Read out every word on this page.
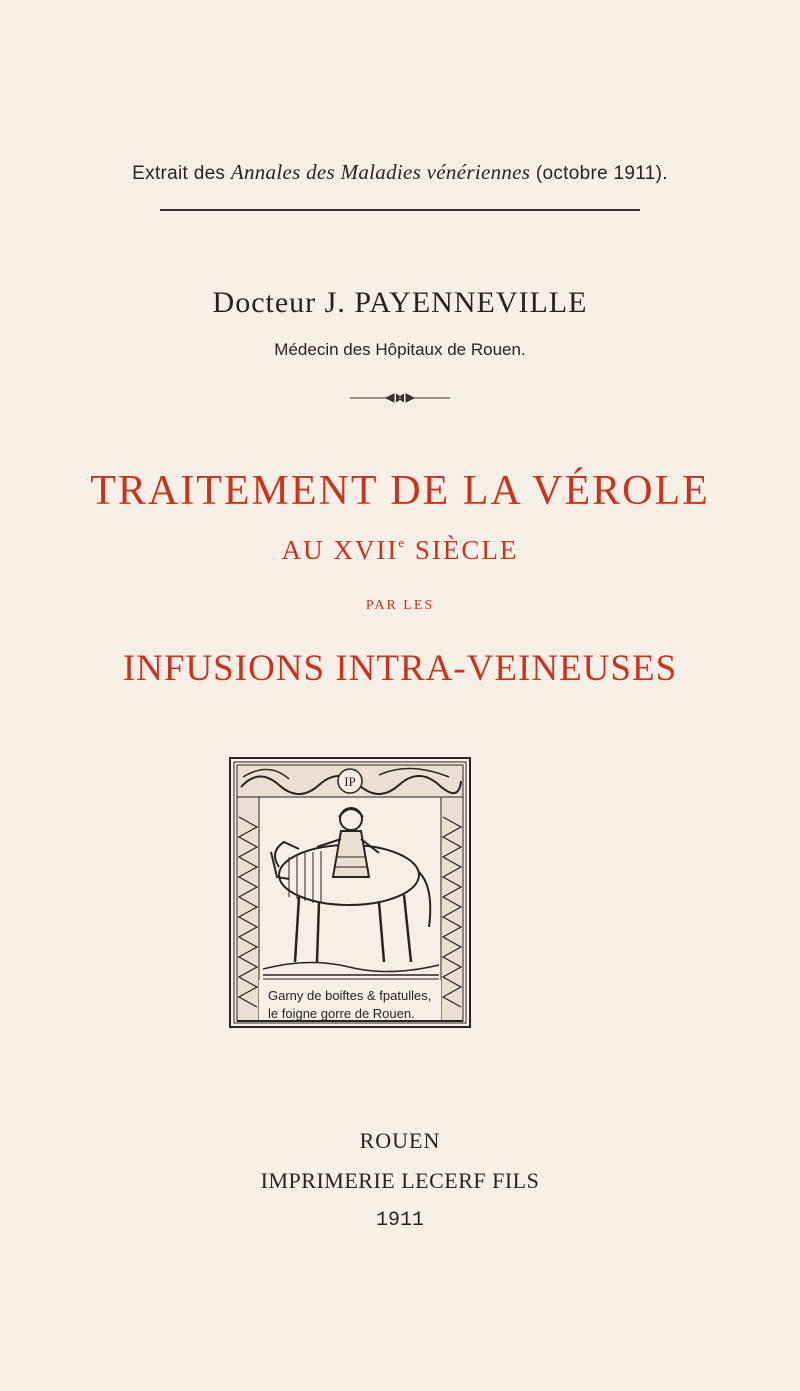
Extrait des Annales des Maladies vénériennes (octobre 1911).
Docteur J. PAYENNEVILLE
Médecin des Hôpitaux de Rouen.
TRAITEMENT DE LA VÉROLE
AU XVIIe SIÈCLE
PAR LES
INFUSIONS INTRA-VEINEUSES
IP
Garny de boiftes & fpatulles,
le foigne gorre de Rouen.
ROUEN
IMPRIMERIE LECERF FILS
1911
